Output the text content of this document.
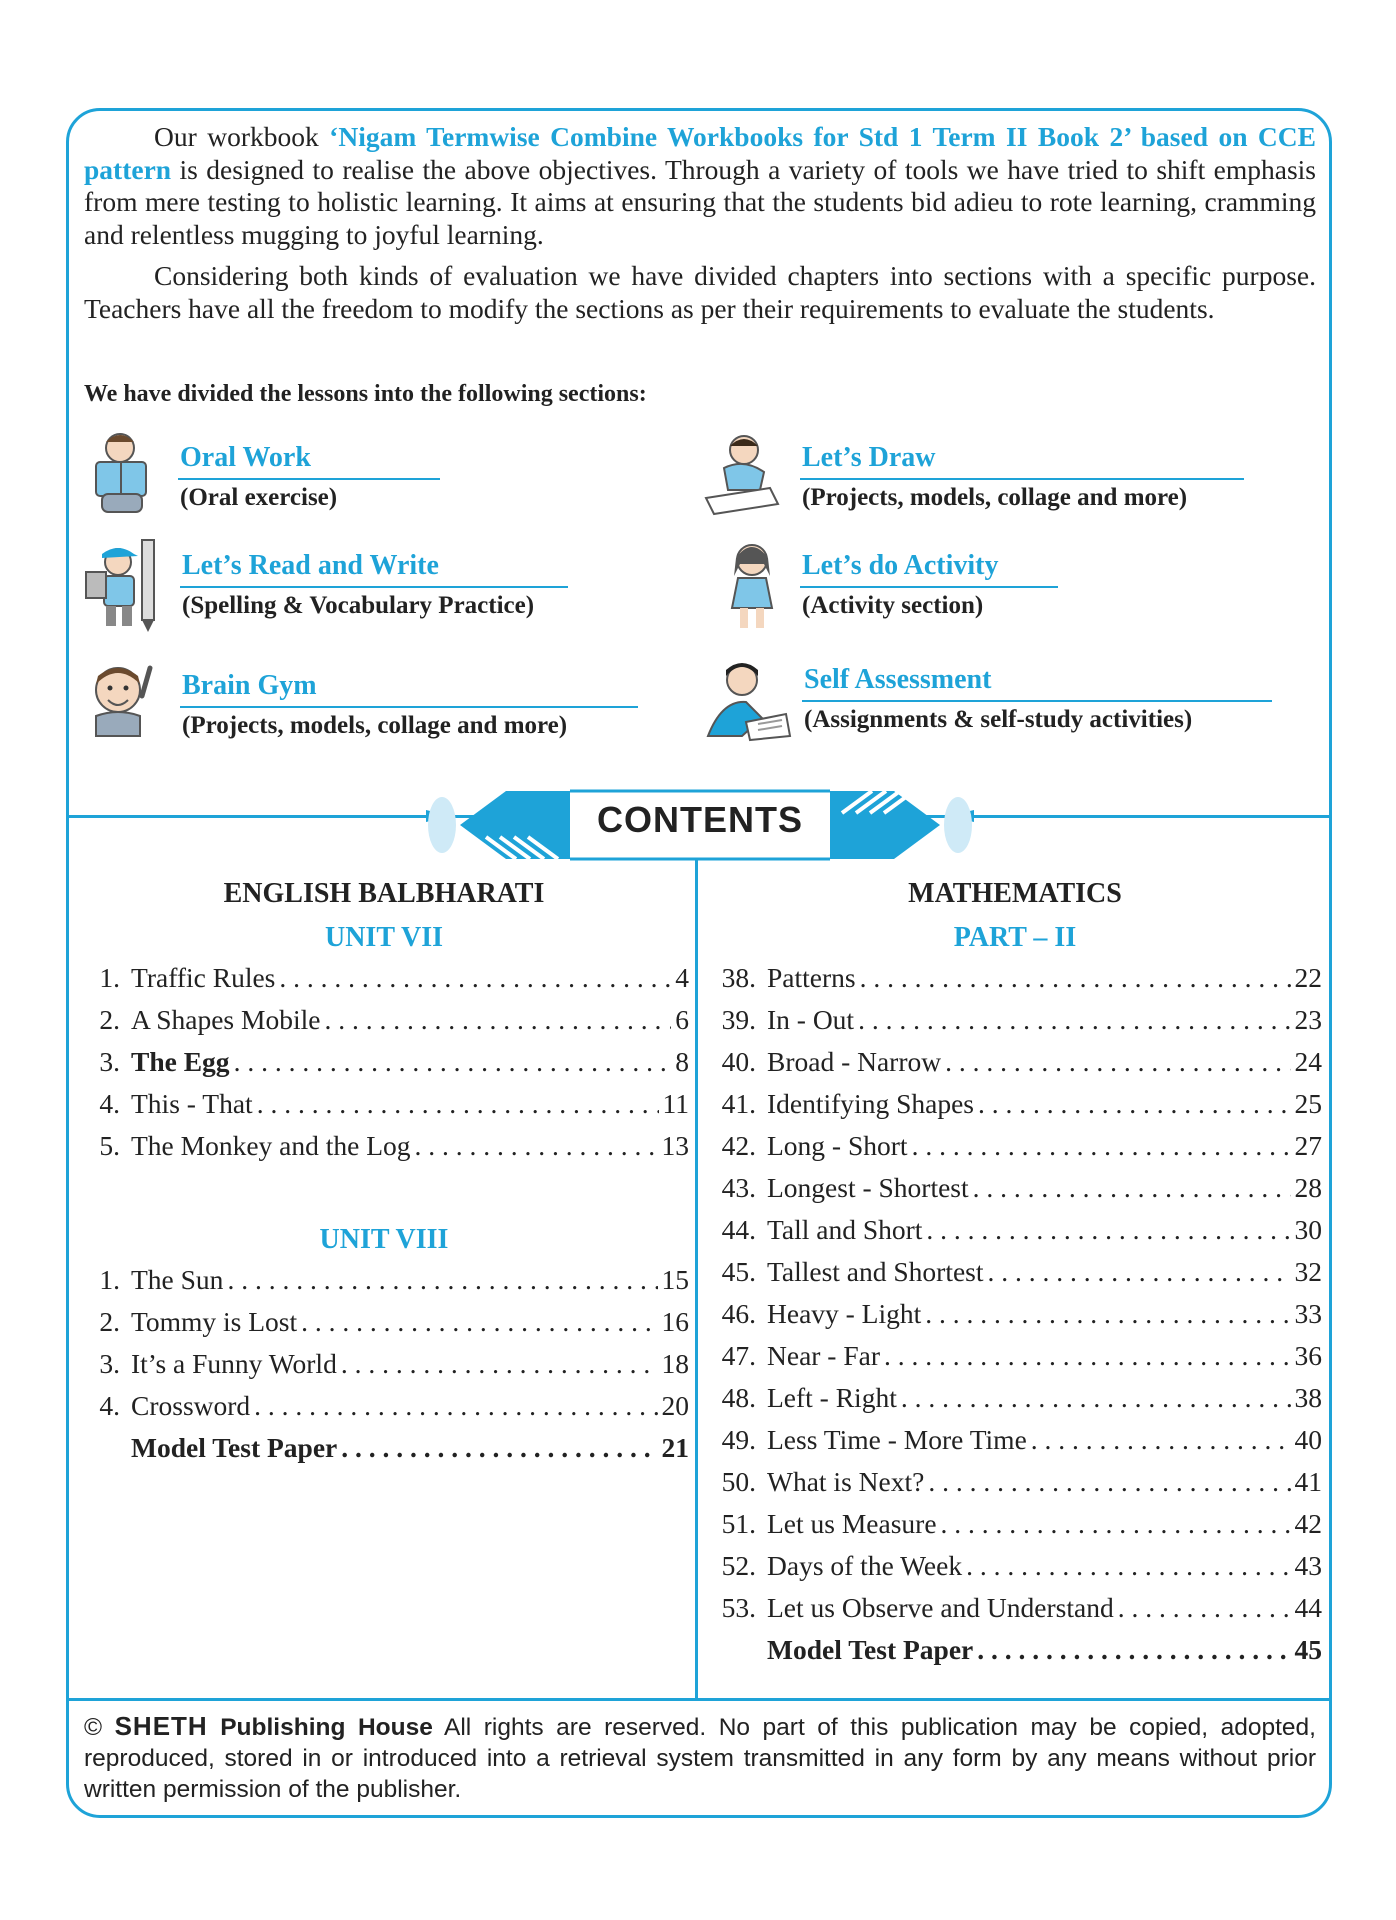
Our workbook ‘Nigam Termwise Combine Workbooks for Std 1 Term II Book 2’ based on CCE pattern is designed to realise the above objectives. Through a variety of tools we have tried to shift emphasis from mere testing to holistic learning. It aims at ensuring that the students bid adieu to rote learning, cramming and relentless mugging to joyful learning.

Considering both kinds of evaluation we have divided chapters into sections with a specific purpose. Teachers have all the freedom to modify the sections as per their requirements to evaluate the students.

We have divided the lessons into the following sections:
Oral Work
(Oral exercise)
Let’s Draw
(Projects, models, collage and more)
Let’s Read and Write
(Spelling & Vocabulary Practice)
Let’s do Activity
(Activity section)
Brain Gym
(Projects, models, collage and more)
Self Assessment
(Assignments & self-study activities)
CONTENTS
ENGLISH BALBHARATI
UNIT VII
1. Traffic Rules . . .	4
2. A Shapes Mobile . . .	6
3. The Egg . . .	8
4. This - That . . .	11
5. The Monkey and the Log . . .	13
UNIT VIII
1. The Sun . . .	15
2. Tommy is Lost . . .	16
3. It’s a Funny World . . .	18
4. Crossword . . .	20
Model Test Paper . . .	21
MATHEMATICS
PART – II
38. Patterns . . .	22
39. In - Out . . .	23
40. Broad - Narrow . . .	24
41. Identifying Shapes . . .	25
42. Long - Short . . .	27
43. Longest - Shortest . . .	28
44. Tall and Short . . .	30
45. Tallest and Shortest . . .	32
46. Heavy - Light . . .	33
47. Near - Far . . .	36
48. Left - Right . . .	38
49. Less Time - More Time . . .	40
50. What is Next? . . .	41
51. Let us Measure . . .	42
52. Days of the Week . . .	43
53. Let us Observe and Understand . . .	44
Model Test Paper . . .	45
© SHETH Publishing House All rights are reserved. No part of this publication may be copied, adopted, reproduced, stored in or introduced into a retrieval system transmitted in any form by any means without prior written permission of the publisher.
